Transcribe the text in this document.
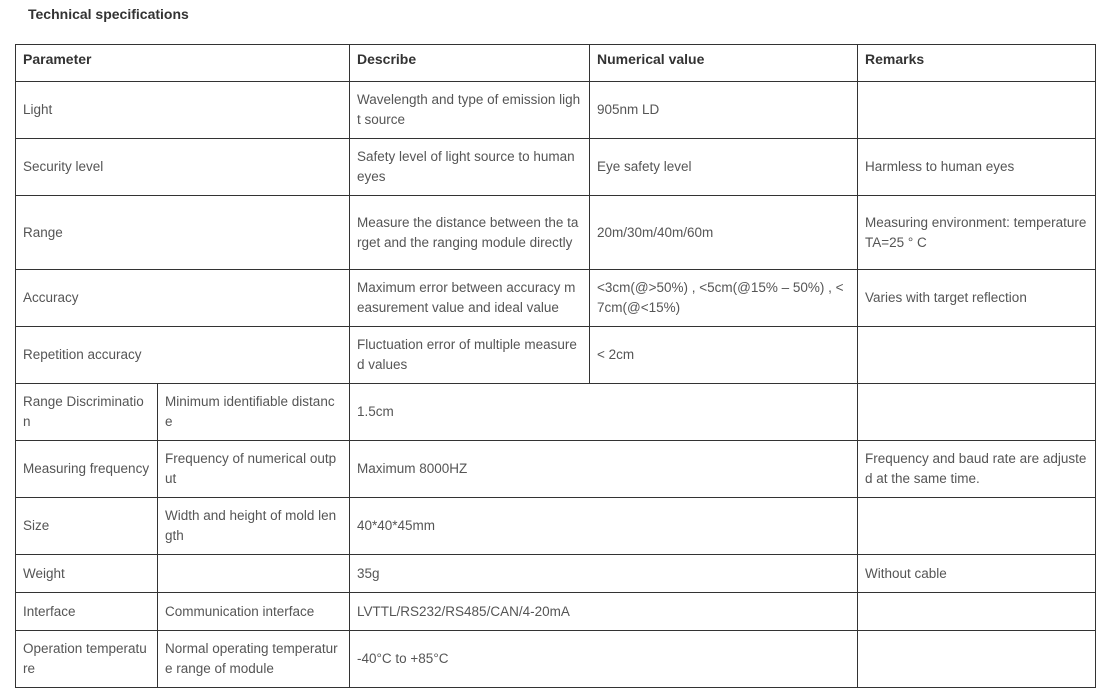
Technical specifications
Parameter		Describe	Numerical value	Remarks
Light		Wavelength and type of emission light source	905nm LD	
Security level		Safety level of light source to human eyes	Eye safety level	Harmless to human eyes
Range		Measure the distance between the target and the ranging module directly	20m/30m/40m/60m	Measuring environment: temperature TA=25 ° C
Accuracy		Maximum error between accuracy measurement value and ideal value	<3cm(@>50%) , <5cm(@15% – 50%) , <7cm(@<15%)	Varies with target reflection
Repetition accuracy		Fluctuation error of multiple measured values	< 2cm	
Range Discrimination	Minimum identifiable distance	1.5cm		
Measuring frequency	Frequency of numerical output	Maximum 8000HZ		Frequency and baud rate are adjusted at the same time.
Size	Width and height of mold length	40*40*45mm		
Weight		35g		Without cable
Interface	Communication interface	LVTTL/RS232/RS485/CAN/4-20mA		
Operation temperature	Normal operating temperature range of module	-40°C to +85°C		
